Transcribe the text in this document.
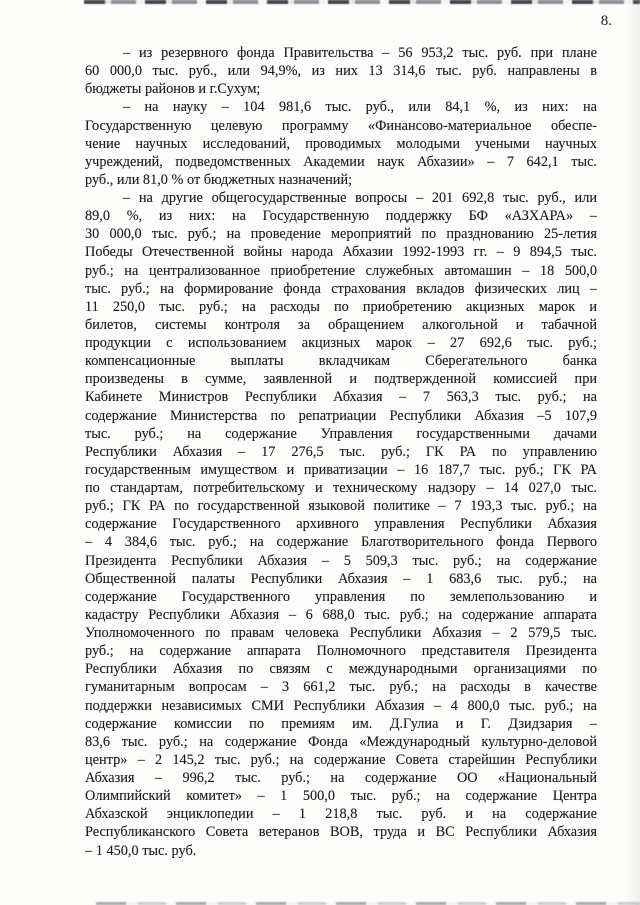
8.

– из резервного фонда Правительства – 56 953,2 тыс. руб. при плане
60 000,0 тыс. руб., или 94,9%, из них 13 314,6 тыс. руб. направлены в
бюджеты районов и г.Сухум;

– на науку – 104 981,6 тыс. руб., или 84,1 %, из них: на
Государственную целевую программу «Финансово-материальное обеспе-
чение научных исследований, проводимых молодыми учеными научных
учреждений, подведомственных Академии наук Абхазии» – 7 642,1 тыс.
руб., или 81,0 % от бюджетных назначений;

– на другие общегосударственные вопросы – 201 692,8 тыс. руб., или
89,0 %, из них: на Государственную поддержку БФ «АЗХАРА» –
30 000,0 тыс. руб.; на проведение мероприятий по празднованию 25-летия
Победы Отечественной войны народа Абхазии 1992-1993 гг. – 9 894,5 тыс.
руб.; на централизованное приобретение служебных автомашин – 18 500,0
тыс. руб.; на формирование фонда страхования вкладов физических лиц –
11 250,0 тыс. руб.; на расходы по приобретению акцизных марок и
билетов, системы контроля за обращением алкогольной и табачной
продукции с использованием акцизных марок – 27 692,6 тыс. руб.;
компенсационные выплаты вкладчикам Сберегательного банка
произведены в сумме, заявленной и подтвержденной комиссией при
Кабинете Министров Республики Абхазия – 7 563,3 тыс. руб.; на
содержание Министерства по репатриации Республики Абхазия –5 107,9
тыс. руб.; на содержание Управления государственными дачами
Республики Абхазия – 17 276,5 тыс. руб.; ГК РА по управлению
государственным имуществом и приватизации – 16 187,7 тыс. руб.; ГК РА
по стандартам, потребительскому и техническому надзору – 14 027,0 тыс.
руб.; ГК РА по государственной языковой политике – 7 193,3 тыс. руб.; на
содержание Государственного архивного управления Республики Абхазия
– 4 384,6 тыс. руб.; на содержание Благотворительного фонда Первого
Президента Республики Абхазия – 5 509,3 тыс. руб.; на содержание
Общественной палаты Республики Абхазия – 1 683,6 тыс. руб.; на
содержание Государственного управления по землепользованию и
кадастру Республики Абхазия – 6 688,0 тыс. руб.; на содержание аппарата
Уполномоченного по правам человека Республики Абхазия – 2 579,5 тыс.
руб.; на содержание аппарата Полномочного представителя Президента
Республики Абхазия по связям с международными организациями по
гуманитарным вопросам – 3 661,2 тыс. руб.; на расходы в качестве
поддержки независимых СМИ Республики Абхазия – 4 800,0 тыс. руб.; на
содержание комиссии по премиям им. Д.Гулиа и Г. Дзидзария –
83,6 тыс. руб.; на содержание Фонда «Международный культурно-деловой
центр» – 2 145,2 тыс. руб.; на содержание Совета старейшин Республики
Абхазия – 996,2 тыс. руб.; на содержание ОО «Национальный
Олимпийский комитет» – 1 500,0 тыс. руб.; на содержание Центра
Абхазской энциклопедии – 1 218,8 тыс. руб. и на содержание
Республиканского Совета ветеранов ВОВ, труда и ВС Республики Абхазия
– 1 450,0 тыс. руб.
